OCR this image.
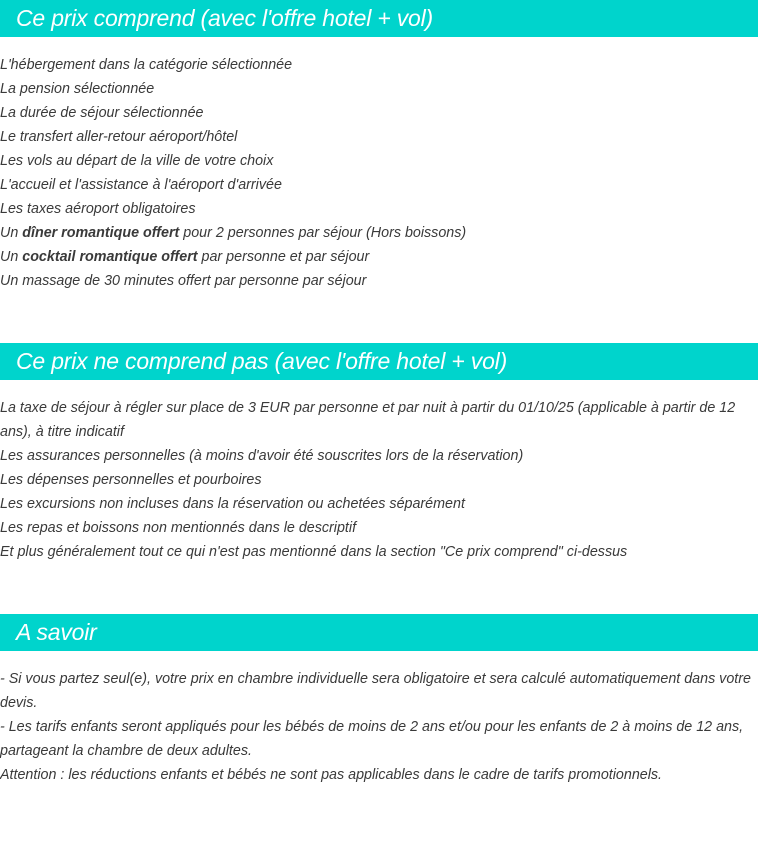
Ce prix comprend (avec l'offre hotel + vol)
L'hébergement dans la catégorie sélectionnée
La pension sélectionnée
La durée de séjour sélectionnée
Le transfert aller-retour aéroport/hôtel
Les vols au départ de la ville de votre choix
L'accueil et l'assistance à l'aéroport d'arrivée
Les taxes aéroport obligatoires
Un dîner romantique offert pour 2 personnes par séjour (Hors boissons)
Un cocktail romantique offert par personne et par séjour
Un massage de 30 minutes offert par personne par séjour
Ce prix ne comprend pas (avec l'offre hotel + vol)
La taxe de séjour à régler sur place de 3 EUR par personne et par nuit à partir du 01/10/25 (applicable à partir de 12 ans), à titre indicatif
Les assurances personnelles (à moins d'avoir été souscrites lors de la réservation)
Les dépenses personnelles et pourboires
Les excursions non incluses dans la réservation ou achetées séparément
Les repas et boissons non mentionnés dans le descriptif
Et plus généralement tout ce qui n'est pas mentionné dans la section "Ce prix comprend" ci-dessus
A savoir
- Si vous partez seul(e), votre prix en chambre individuelle sera obligatoire et sera calculé automatiquement dans votre devis.
- Les tarifs enfants seront appliqués pour les bébés de moins de 2 ans et/ou pour les enfants de 2 à moins de 12 ans, partageant la chambre de deux adultes.
Attention : les réductions enfants et bébés ne sont pas applicables dans le cadre de tarifs promotionnels.
